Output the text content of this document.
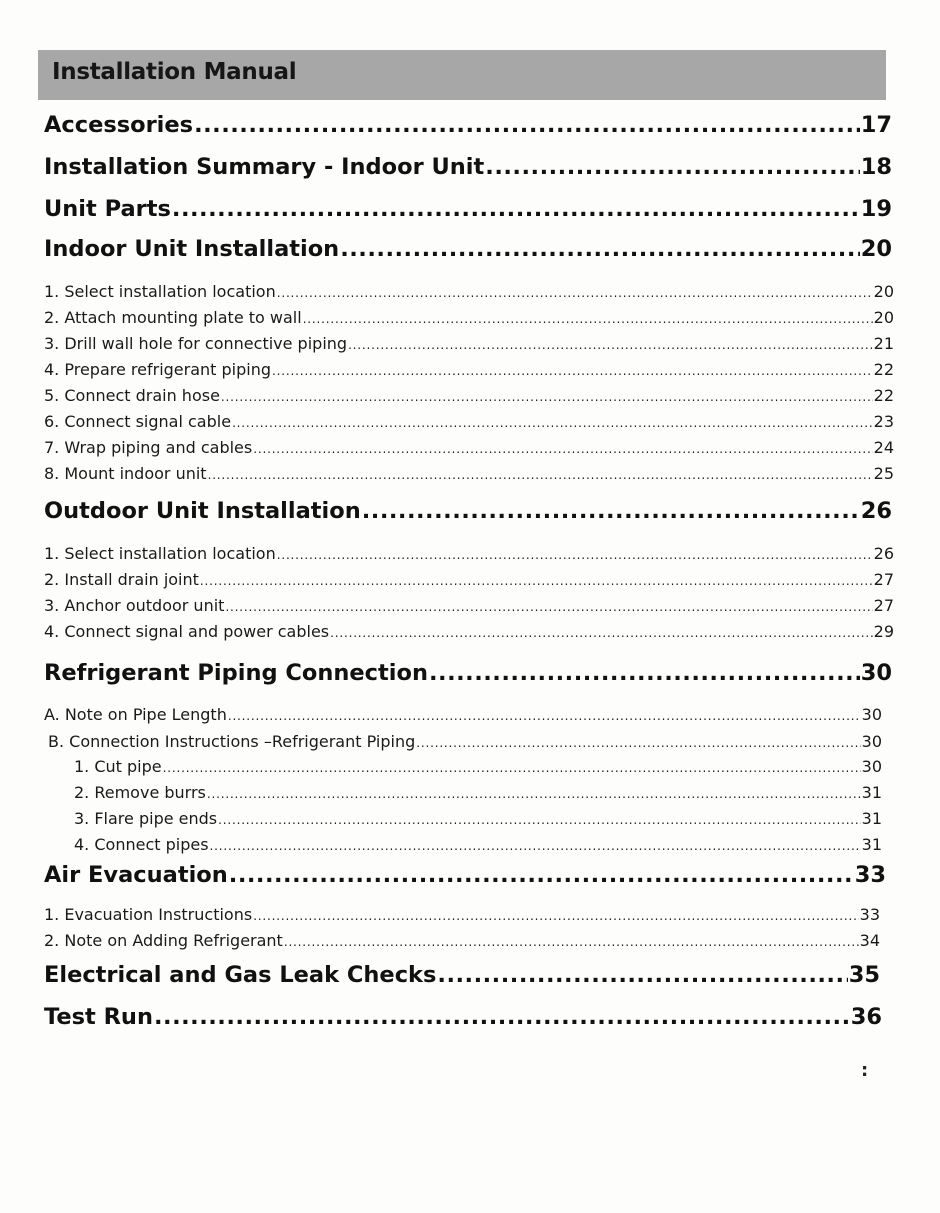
Installation Manual
Accessories .....	17
Installation Summary - Indoor Unit .....	18
Unit Parts .....	19
Indoor Unit Installation .....	20
1. Select installation location .....	20
2. Attach mounting plate to wall .....	20
3. Drill wall hole for connective piping .....	21
4. Prepare refrigerant piping .....	22
5. Connect drain hose .....	22
6. Connect signal cable .....	23
7. Wrap piping and cables .....	24
8. Mount indoor unit .....	25
Outdoor Unit Installation .....	26
1. Select installation location .....	26
2. Install drain joint .....	27
3. Anchor outdoor unit .....	27
4. Connect signal and power cables .....	29
Refrigerant Piping Connection .....	30
A. Note on Pipe Length .....	30
B. Connection Instructions –Refrigerant Piping .....	30
1. Cut pipe .....	30
2. Remove burrs .....	31
3. Flare pipe ends .....	31
4. Connect pipes .....	31
Air Evacuation .....	33
1. Evacuation Instructions .....	33
2. Note on Adding Refrigerant .....	34
Electrical and Gas Leak Checks .....	35
Test Run .....	36
:
